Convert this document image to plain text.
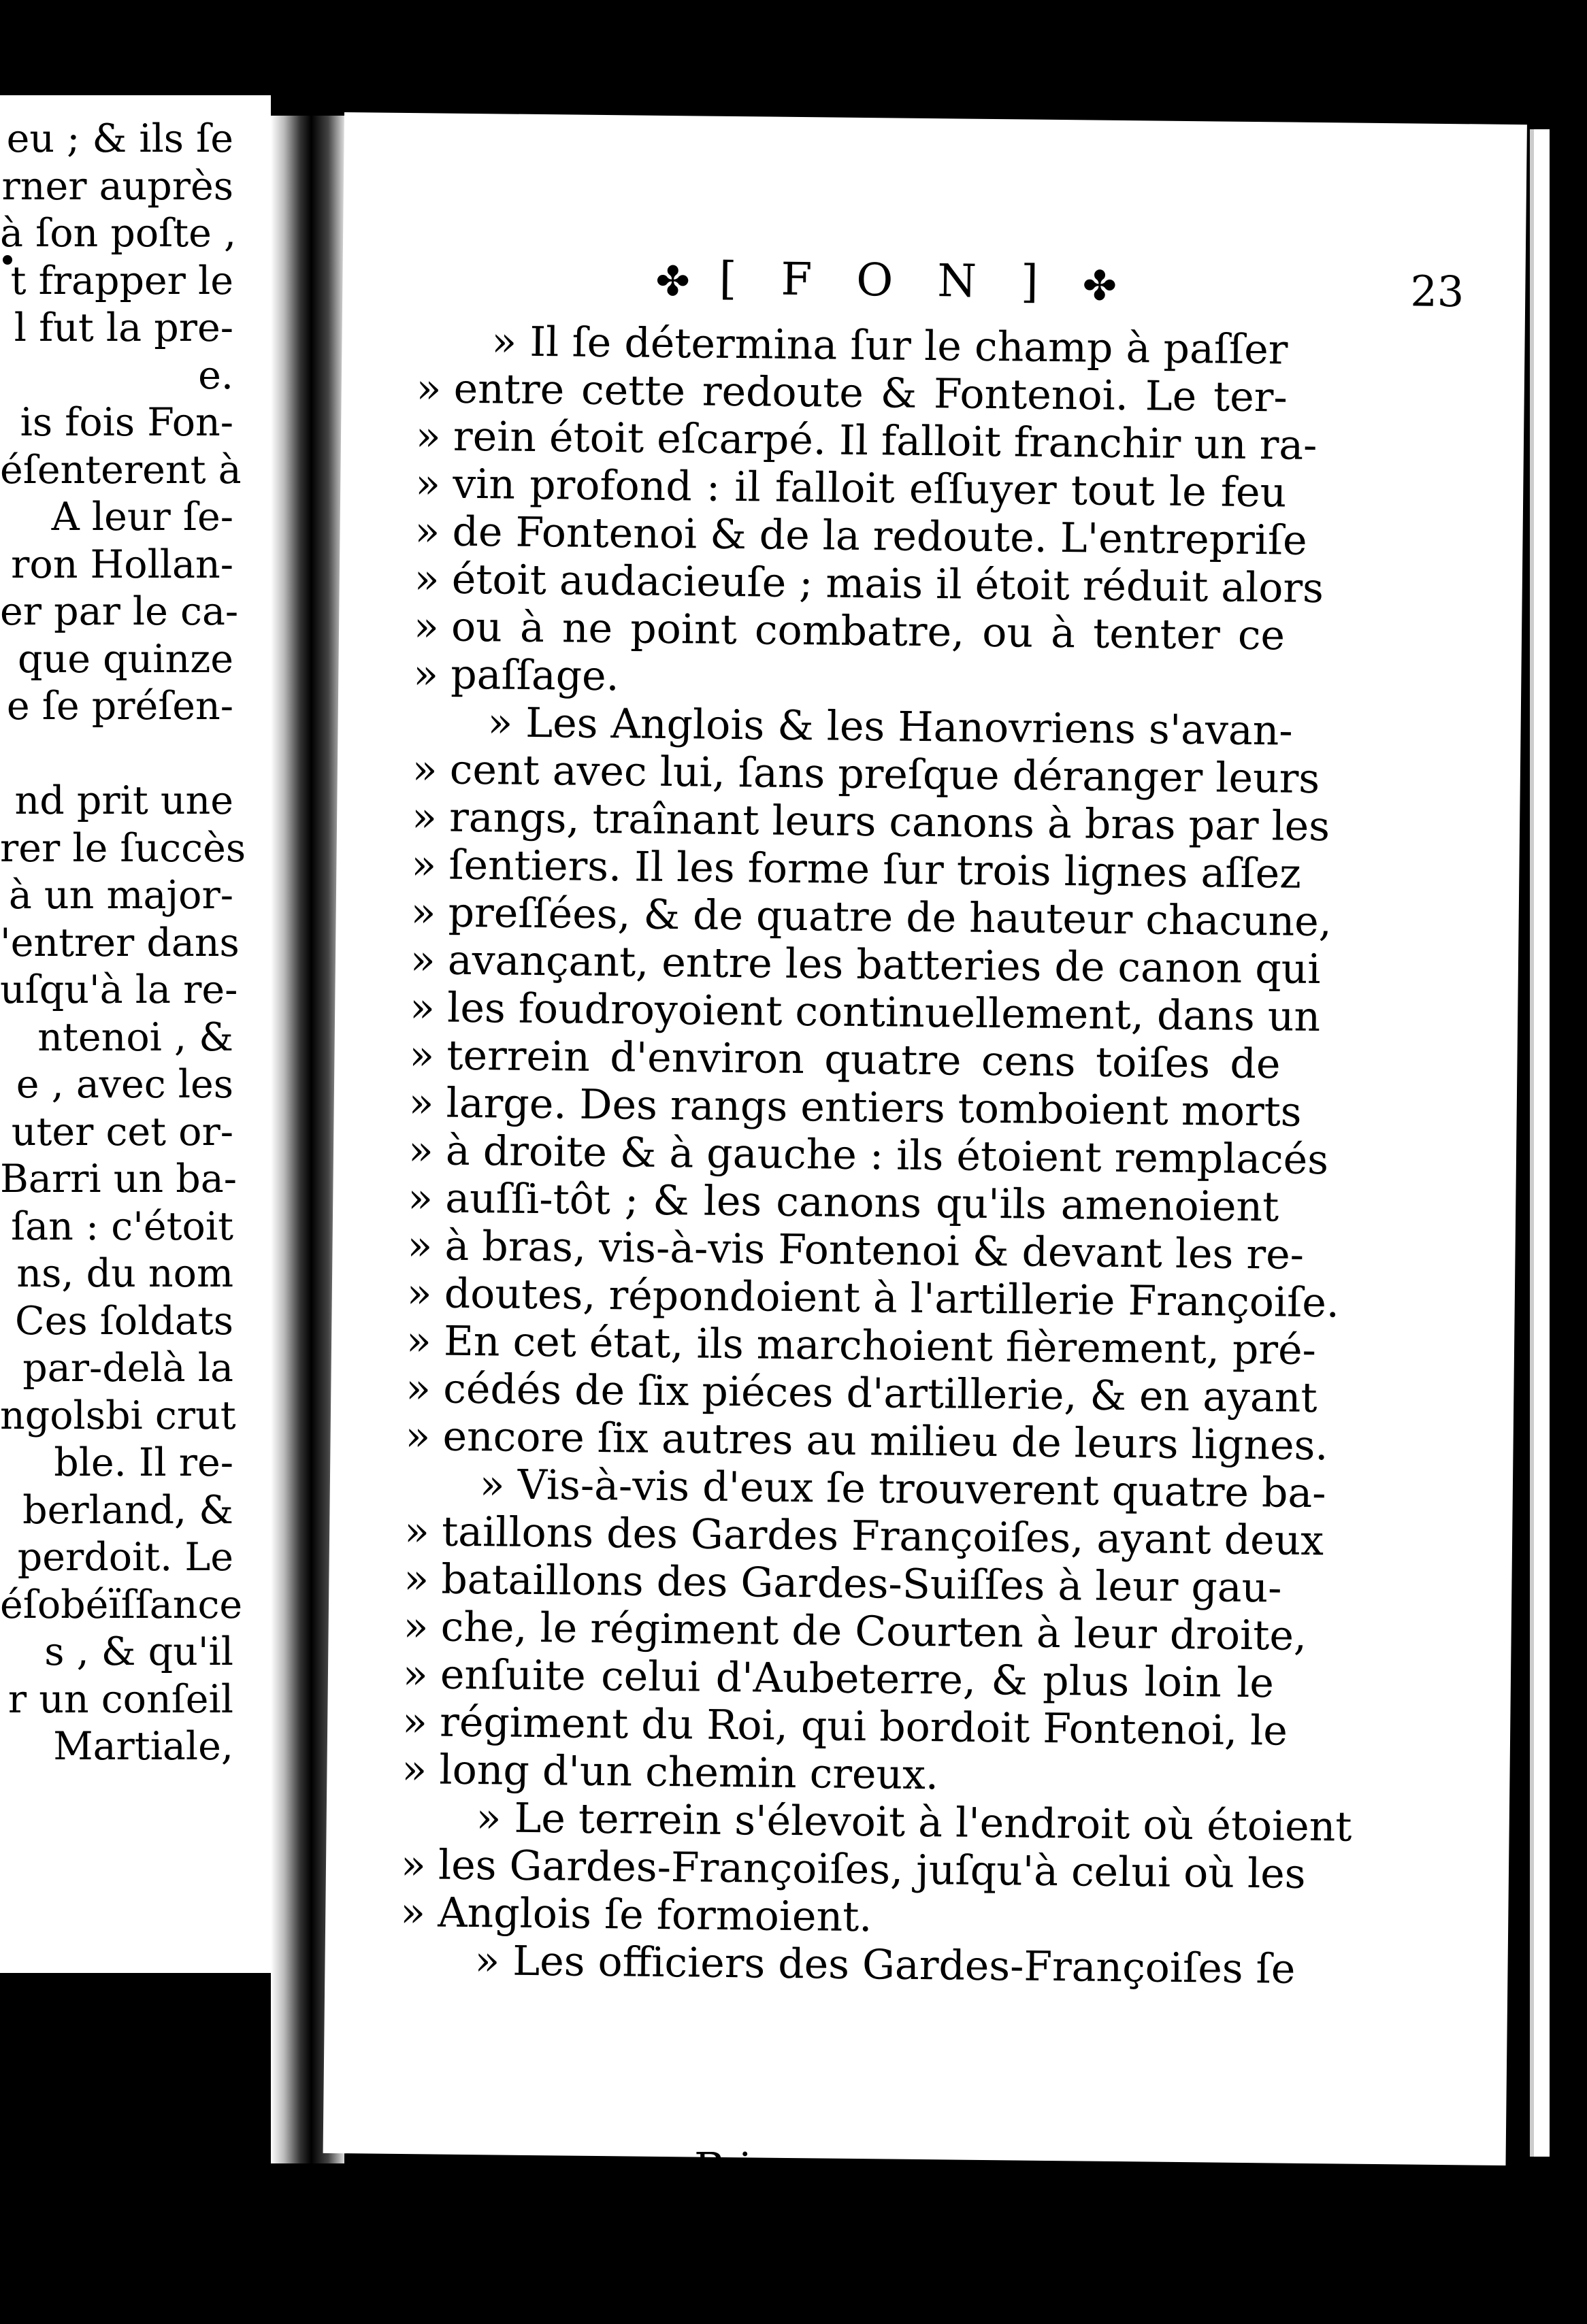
eu ; & ils ſe
rner auprès
à ſon poſte ,
t frapper le
l fut la pre-
e.
is fois Fon-
éſenterent à
A leur ſe-
ron Hollan-
er par le ca-
que quinze
e ſe préſen-
nd prit une
rer le ſuccès
à un major-
'entrer dans
uſqu'à la re-
ntenoi , &
e , avec les
uter cet or-
Barri un ba-
ſan : c'étoit
ns, du nom
Ces ſoldats
par-delà la
ngolsbi crut
ble. Il re-
berland, &
perdoit. Le
éſobéïſſance
s , & qu'il
r un conſeil
Martiale,
✤ [ F O N ] ✤	23
» Il ſe détermina ſur le champ à paſſer
» entre cette redoute & Fontenoi. Le ter-
» rein étoit eſcarpé. Il falloit franchir un ra-
» vin profond : il falloit eſſuyer tout le feu
» de Fontenoi & de la redoute. L'entrepriſe
» étoit audacieuſe ; mais il étoit réduit alors
» ou à ne point combatre, ou à tenter ce
» paſſage.
» Les Anglois & les Hanovriens s'avan-
» cent avec lui, ſans preſque déranger leurs
» rangs, traînant leurs canons à bras par les
» ſentiers. Il les forme ſur trois lignes aſſez
» preſſées, & de quatre de hauteur chacune,
» avançant, entre les batteries de canon qui
» les foudroyoient continuellement, dans un
» terrein d'environ quatre cens toiſes de
» large. Des rangs entiers tomboient morts
» à droite & à gauche : ils étoient remplacés
» auſſi-tôt ; & les canons qu'ils amenoient
» à bras, vis-à-vis Fontenoi & devant les re-
» doutes, répondoient à l'artillerie Françoiſe.
» En cet état, ils marchoient fièrement, pré-
» cédés de ſix piéces d'artillerie, & en ayant
» encore ſix autres au milieu de leurs lignes.
» Vis-à-vis d'eux ſe trouverent quatre ba-
» taillons des Gardes Françoiſes, ayant deux
» bataillons des Gardes-Suiſſes à leur gau-
» che, le régiment de Courten à leur droite,
» enſuite celui d'Aubeterre, & plus loin le
» régiment du Roi, qui bordoit Fontenoi, le
» long d'un chemin creux.
» Le terrein s'élevoit à l'endroit où étoient
» les Gardes-Françoiſes, juſqu'à celui où les
» Anglois ſe formoient.
» Les officiers des Gardes-Françoiſes ſe
B iv
